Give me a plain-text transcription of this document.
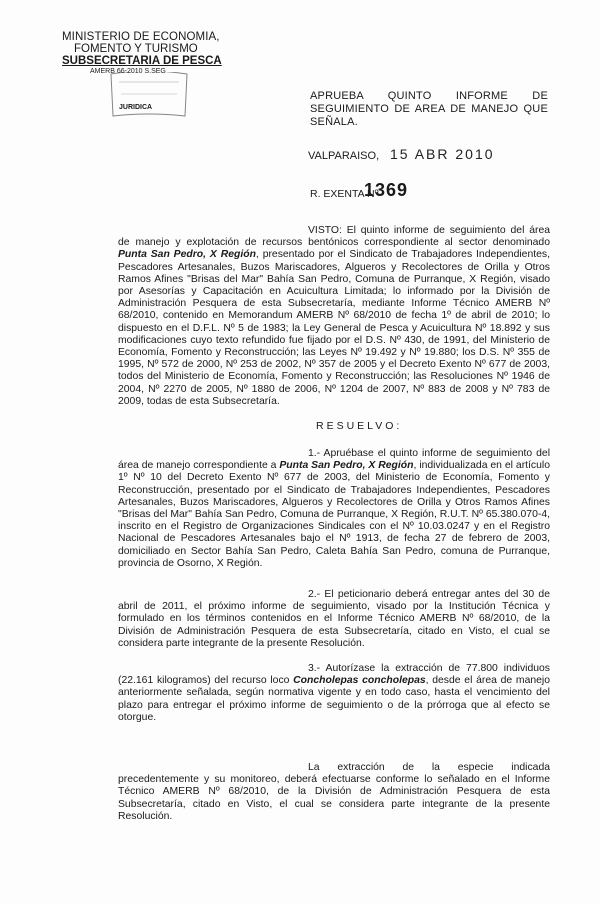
MINISTERIO DE ECONOMIA,
FOMENTO Y TURISMO
SUBSECRETARIA DE PESCA
AMERB 66-2010 S.SEG
JURIDICA
APRUEBA QUINTO INFORME DE SEGUIMIENTO DE AREA DE MANEJO QUE SEÑALA.
VALPARAISO, 15 ABR 2010
R. EXENTA Nº
1369
VISTO: El quinto informe de seguimiento del área de manejo y explotación de recursos bentónicos correspondiente al sector denominado Punta San Pedro, X Región, presentado por el Sindicato de Trabajadores Independientes, Pescadores Artesanales, Buzos Mariscadores, Algueros y Recolectores de Orilla y Otros Ramos Afines "Brisas del Mar" Bahía San Pedro, Comuna de Purranque, X Región, visado por Asesorías y Capacitación en Acuicultura Limitada; lo informado por la División de Administración Pesquera de esta Subsecretaría, mediante Informe Técnico AMERB Nº 68/2010, contenido en Memorandum AMERB Nº 68/2010 de fecha 1º de abril de 2010; lo dispuesto en el D.F.L. Nº 5 de 1983; la Ley General de Pesca y Acuicultura Nº 18.892 y sus modificaciones cuyo texto refundido fue fijado por el D.S. Nº 430, de 1991, del Ministerio de Economía, Fomento y Reconstrucción; las Leyes Nº 19.492 y Nº 19.880; los D.S. Nº 355 de 1995, Nº 572 de 2000, Nº 253 de 2002, Nº 357 de 2005 y el Decreto Exento Nº 677 de 2003, todos del Ministerio de Economía, Fomento y Reconstrucción; las Resoluciones Nº 1946 de 2004, Nº 2270 de 2005, Nº 1880 de 2006, Nº 1204 de 2007, Nº 883 de 2008 y Nº 783 de 2009, todas de esta Subsecretaría.
RESUELVO:
1.- Apruébase el quinto informe de seguimiento del área de manejo correspondiente a Punta San Pedro, X Región, individualizada en el artículo 1º Nº 10 del Decreto Exento Nº 677 de 2003, del Ministerio de Economía, Fomento y Reconstrucción, presentado por el Sindicato de Trabajadores Independientes, Pescadores Artesanales, Buzos Mariscadores, Algueros y Recolectores de Orilla y Otros Ramos Afines "Brisas del Mar" Bahía San Pedro, Comuna de Purranque, X Región, R.U.T. Nº 65.380.070-4, inscrito en el Registro de Organizaciones Sindicales con el Nº 10.03.0247 y en el Registro Nacional de Pescadores Artesanales bajo el Nº 1913, de fecha 27 de febrero de 2003, domiciliado en Sector Bahía San Pedro, Caleta Bahía San Pedro, comuna de Purranque, provincia de Osorno, X Región.
2.- El peticionario deberá entregar antes del 30 de abril de 2011, el próximo informe de seguimiento, visado por la Institución Técnica y formulado en los términos contenidos en el Informe Técnico AMERB Nº 68/2010, de la División de Administración Pesquera de esta Subsecretaría, citado en Visto, el cual se considera parte integrante de la presente Resolución.
3.- Autorízase la extracción de 77.800 individuos (22.161 kilogramos) del recurso loco Concholepas concholepas, desde el área de manejo anteriormente señalada, según normativa vigente y en todo caso, hasta el vencimiento del plazo para entregar el próximo informe de seguimiento o de la prórroga que al efecto se otorgue.
La extracción de la especie indicada precedentemente y su monitoreo, deberá efectuarse conforme lo señalado en el Informe Técnico AMERB Nº 68/2010, de la División de Administración Pesquera de esta Subsecretaría, citado en Visto, el cual se considera parte integrante de la presente Resolución.
